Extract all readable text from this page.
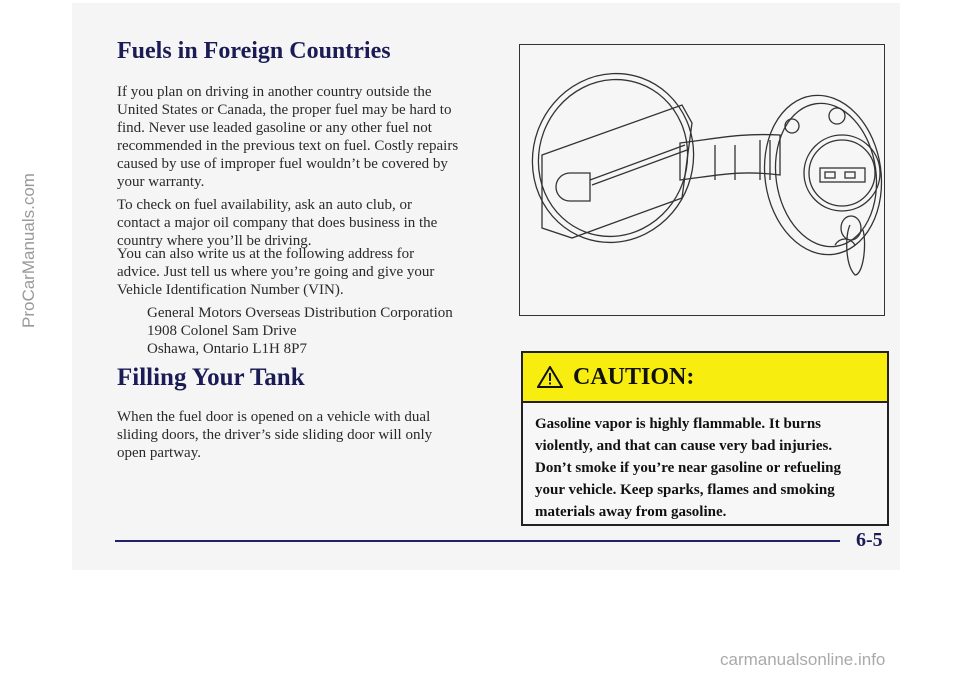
ProCarManuals.com
Fuels in Foreign Countries
If you plan on driving in another country outside the
United States or Canada, the proper fuel may be hard to
find. Never use leaded gasoline or any other fuel not
recommended in the previous text on fuel. Costly repairs
caused by use of improper fuel wouldn’t be covered by
your warranty.
To check on fuel availability, ask an auto club, or
contact a major oil company that does business in the
country where you’ll be driving.
You can also write us at the following address for
advice. Just tell us where you’re going and give your
Vehicle Identification Number (VIN).
General Motors Overseas Distribution Corporation
1908 Colonel Sam Drive
Oshawa, Ontario L1H 8P7
Filling Your Tank
When the fuel door is opened on a vehicle with dual
sliding doors, the driver’s side sliding door will only
open partway.
CAUTION:
Gasoline vapor is highly flammable. It burns
violently, and that can cause very bad injuries.
Don’t smoke if you’re near gasoline or refueling
your vehicle. Keep sparks, flames and smoking
materials away from gasoline.
6-5
carmanualsonline.info
